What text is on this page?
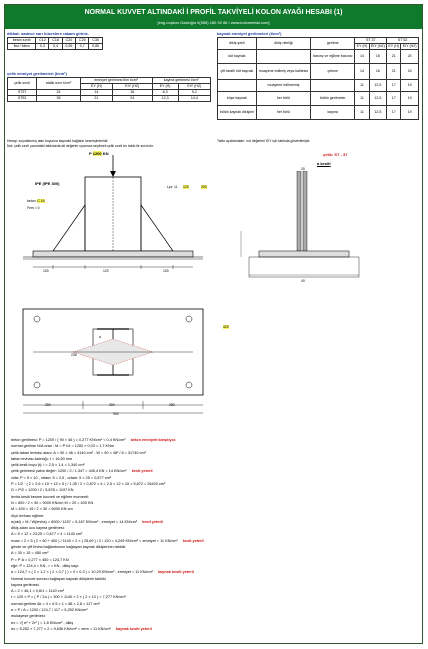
NORMAL KUVVET ALTINDAKİ İ PROFİL TAKVİYELİ KOLON AYAĞI HESABI (1)
[eng.coşkun Gazioğlu 0(555) 180 92 86 / www.kolonmetal.com]
dikkat: sadece sarı hücrelere rakam giriniz.
beton sınıfı	C12	C16	C20	C25	C30
fbd / fdem	0,3	0,4	0,55	0,7	0,85
çelik emniyet gerilmeleri (t/cm²)
çelik sınıfı	statik sınır t/cm²	emniyet gerilmesi tlim t/cm²		kayma gerilmesi t/cm²	
		EY (H)	EİY (HZ)	EY (H)	EİY (HZ)
ST37	24	14	16	8,3	9,2
ST52	36	21	24	12,3	14,4
Hesap: soyutlanmış alan boyunca kaynaklı bağlantı kesmişimleridir.
Not: çelik sınıfı yanındaki tablolarda ait değerler uyarınca seçilmeli çelik sınıfı bu tablo ile sınırlıdır.
kaynak emniyet gerilmeleri (t/cm²)
dikiş şekli	dikiş niteliği	gerilme	ST 37		ST 52	
			EY (H)	EİY (HZ)	EY (H)	EİY (HZ)
küt kaynak		basınç ve eğilme basıncı	14	16	21	24
çift taraflı küt kaynak	muayene edilmiş veya kalitesiz	çekme	14	16	21	24
	muayene edilmemiş		11	12,5	17	19
köşe kaynak	her türlü	bütün gerilmeler	11	12,5	17	19
bütün kaynak dikişleri	her türlü	kayma	11	12,5	17	19
Tablo açıklamaları: not değerleri EİY için tabloda gösterilmiştir.
çelik: ST - 37
a kesiti
P 1200 KN
IPE (İPE 300)
beton: C 16
Fem = 0
Lyz: 11 120	200
100	120	100
15
40
236
a
280	300	280
900
420
beton gerilmesi: P = 1200 / ( 90 × 46 ) = 0,277 KN/cm² < 0,4 KN/cm² beton emniyeti karşılıyor.
normal gerilme N/A oran : M = P·l/4 = 1200 × 0,03 = 1,7 KNm
çelik taban levhası alanı: A = 90 × 46 = 4140 cm² - W = 90 × 46² / 6 = 31740 cm³
taban levhası kalınlığı: t = 16,50 mm
çelik kesit boyu (t): l = 2,5 × 1,4 = 1,340 cm²
çelik gerilmesi yakın değer: 1200 / 2 / 1,347 = 445,4 KN < 14 KN/cm² kesit yeterli
vida: P = 5 × 10 , ortam: 5 = 2,5 , ortam: 5 × 25 = 0,877 cm²
P = 1/2 · ( 2 × 2,6 × 10 + 13 × 5 ) / 1,35 / 2 × 0,872 × 4 = 2,5 × 12 × 15 × 5,872 = 26420 cm³
G = P/2 = 1200 / 2 / 5,878 = 1197 KN
levha kesiti kesme kuvveti ve eğilme momenti:
N = 600 / 2 × 30 = 9000 KN/cm M = 20 = 400 KN
M = 400 × 15 / 2 × 30 = 6000 KN·cm
ölçü levhası eğilme:
σ(akt) = M / W(levha) = 6000 / 1157 = 5,187 KN/cm² , emniyet = 14 KN/cm² kesit yeterli
dikiş alanı ucu kayma gerilmesi:
A = 5 × 12 × 23,25 = 0,677 × 4 = 1140 cm²
τmax = 2 × 5 ( 2 × 50 + 400 ) / 1140 = 2 × ( 25,69 ) / 2 / 120 = 4,249 KN/cm² < emniyet = 11 KN/cm² kesit yeterli
gövde ve çift levha bağlantısının bağlayan kaynak dikişlerinin tahkiki
A = 30 × 15 = 450 cm²
P = P·A = 0,277 × 450 = 124,7 KN
eğri: P = 124,4 = KN , r = KN , dikiş sayı:
σ = 124,7 × ( 2 × 1,2 × ( 2 × 0,7 ) ) × 0 × 0,3 ) = 10,29 KN/cm² , emniyet = 11 KN/cm² kaynak kesiti yeterli
Normal kuvvet sonucu bağlayan kaynak dikişlerin tahkiki
kayma gerilmesi:
A = 2 × 46,1 × 0,6/1 = 1140 cm²
τ = 120 × P × ( P / Σa ) = 300 × 1140 × 2 × ( 2 × 10 ) = 7,277 KN/cm²
normal gerilme Ak = 4 × 0,5 × 1 × 88 × 2,8 = 117 cm²
σ = P / A = 1200 / 124,7 / 117 = 5,252 KN/cm²
mukayese gerilmesi:
σv = √( σ² + 2τ² ) = 1,8 KN/cm² , dikiş
σv = 5,252 × 7,277 × 2 = 9,636 KN/cm² < σem = 11 KN/cm² kaynak kesiti yeterli
